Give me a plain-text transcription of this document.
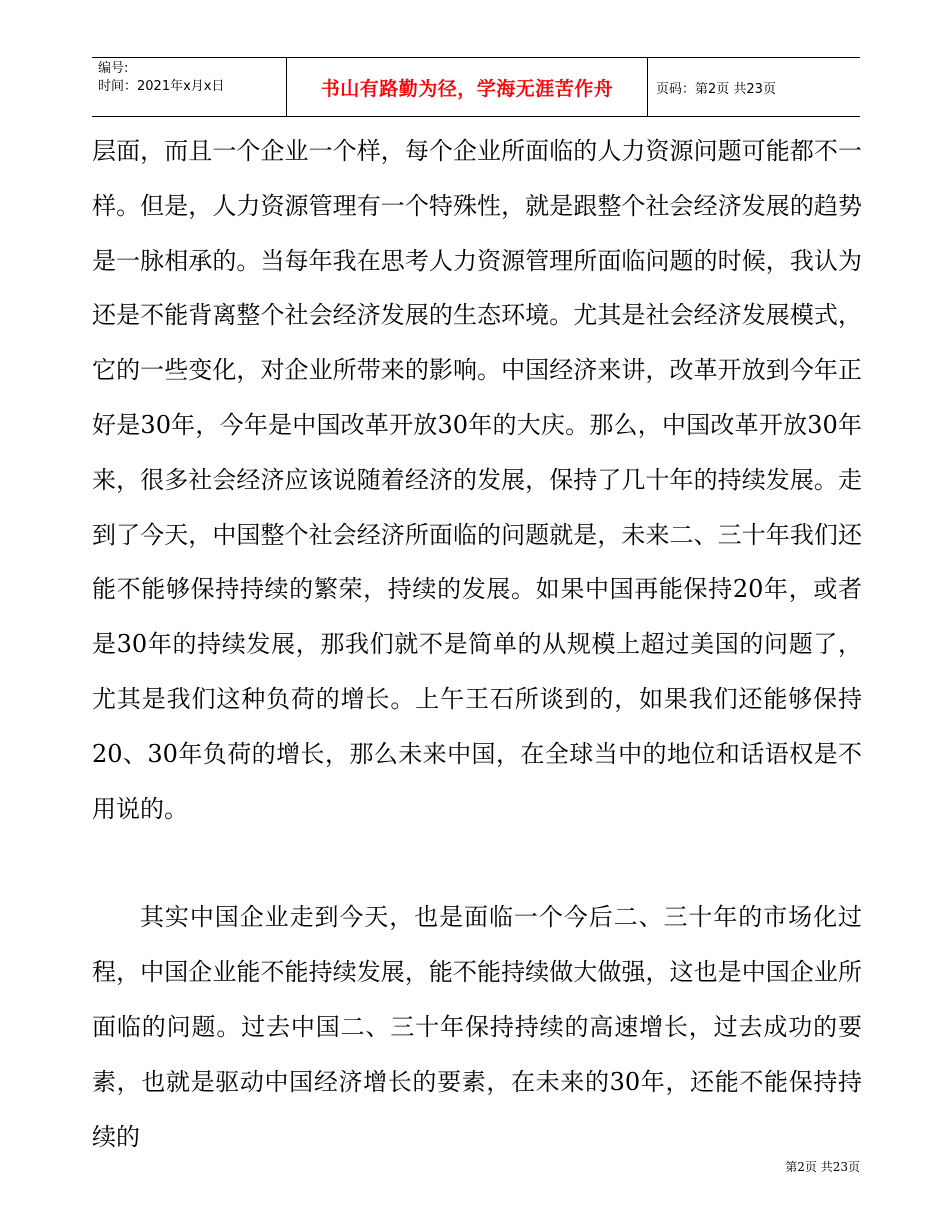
编号:
时间：2021年x月x日	书山有路勤为径，学海无涯苦作舟	页码：第2页 共23页

层面，而且一个企业一个样，每个企业所面临的人力资源问题可能都不一样。但是，人力资源管理有一个特殊性，就是跟整个社会经济发展的趋势是一脉相承的。当每年我在思考人力资源管理所面临问题的时候，我认为还是不能背离整个社会经济发展的生态环境。尤其是社会经济发展模式，它的一些变化，对企业所带来的影响。中国经济来讲，改革开放到今年正好是30年，今年是中国改革开放30年的大庆。那么，中国改革开放30年来，很多社会经济应该说随着经济的发展，保持了几十年的持续发展。走到了今天，中国整个社会经济所面临的问题就是，未来二、三十年我们还能不能够保持持续的繁荣，持续的发展。如果中国再能保持20年，或者是30年的持续发展，那我们就不是简单的从规模上超过美国的问题了，尤其是我们这种负荷的增长。上午王石所谈到的，如果我们还能够保持20、30年负荷的增长，那么未来中国，在全球当中的地位和话语权是不用说的。

其实中国企业走到今天，也是面临一个今后二、三十年的市场化过程，中国企业能不能持续发展，能不能持续做大做强，这也是中国企业所面临的问题。过去中国二、三十年保持持续的高速增长，过去成功的要素，也就是驱动中国经济增长的要素，在未来的30年，还能不能保持持续的

第2页 共23页
